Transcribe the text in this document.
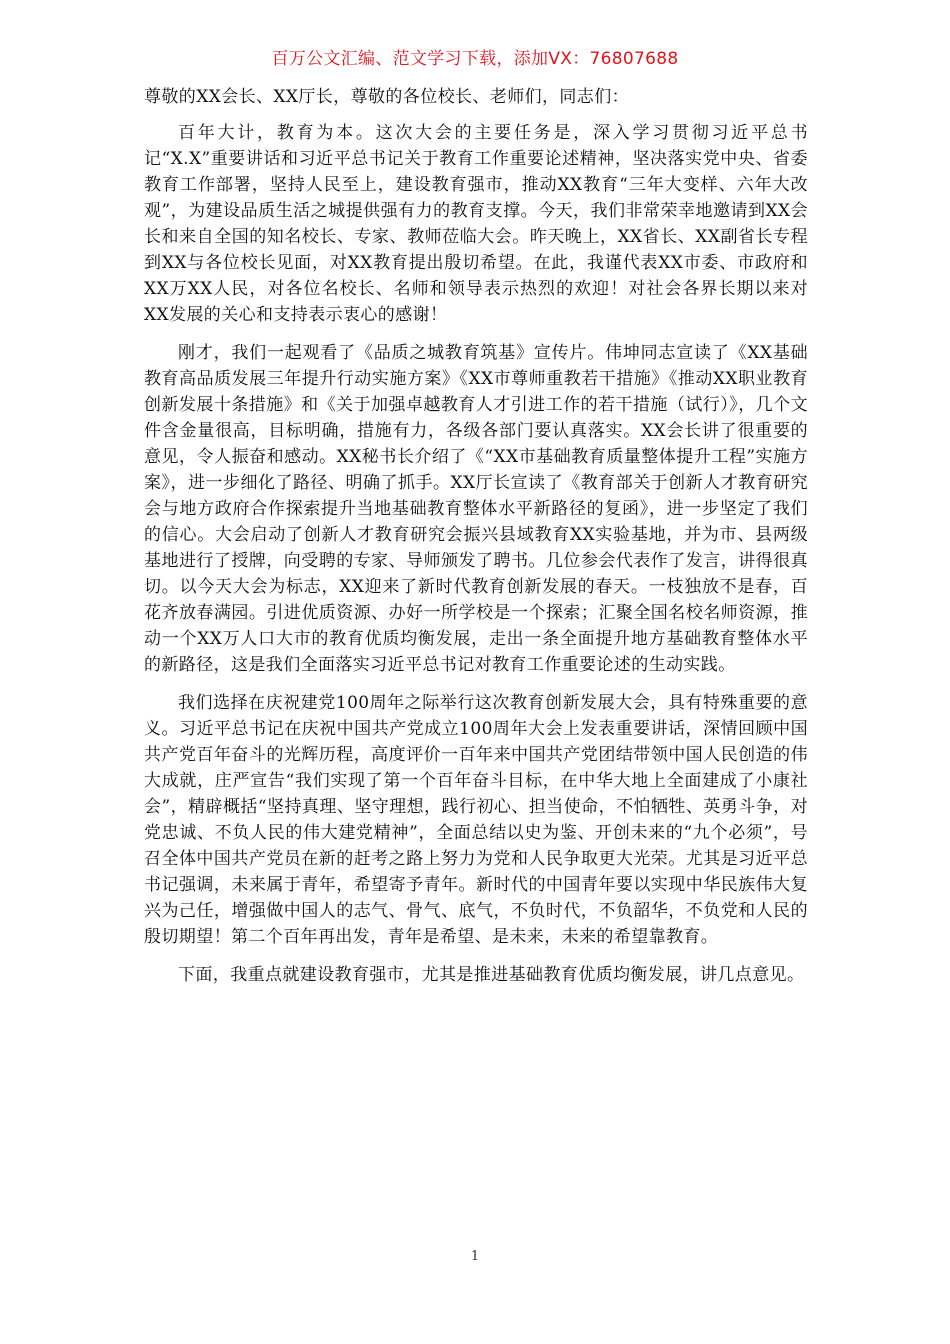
百万公文汇编、范文学习下载，添加VX：76807688

尊敬的XX会长、XX厅长，尊敬的各位校长、老师们，同志们：

百年大计，教育为本。这次大会的主要任务是，深入学习贯彻习近平总书记“X.X”重要讲话和习近平总书记关于教育工作重要论述精神，坚决落实党中央、省委教育工作部署，坚持人民至上，建设教育强市，推动XX教育“三年大变样、六年大改观”，为建设品质生活之城提供强有力的教育支撑。今天，我们非常荣幸地邀请到XX会长和来自全国的知名校长、专家、教师莅临大会。昨天晚上，XX省长、XX副省长专程到XX与各位校长见面，对XX教育提出殷切希望。在此，我谨代表XX市委、市政府和XX万XX人民，对各位名校长、名师和领导表示热烈的欢迎！对社会各界长期以来对XX发展的关心和支持表示衷心的感谢！

刚才，我们一起观看了《品质之城教育筑基》宣传片。伟坤同志宣读了《XX基础教育高品质发展三年提升行动实施方案》《XX市尊师重教若干措施》《推动XX职业教育创新发展十条措施》和《关于加强卓越教育人才引进工作的若干措施（试行）》，几个文件含金量很高，目标明确，措施有力，各级各部门要认真落实。XX会长讲了很重要的意见，令人振奋和感动。XX秘书长介绍了《“XX市基础教育质量整体提升工程”实施方案》，进一步细化了路径、明确了抓手。XX厅长宣读了《教育部关于创新人才教育研究会与地方政府合作探索提升当地基础教育整体水平新路径的复函》，进一步坚定了我们的信心。大会启动了创新人才教育研究会振兴县域教育XX实验基地，并为市、县两级基地进行了授牌，向受聘的专家、导师颁发了聘书。几位参会代表作了发言，讲得很真切。以今天大会为标志，XX迎来了新时代教育创新发展的春天。一枝独放不是春，百花齐放春满园。引进优质资源、办好一所学校是一个探索；汇聚全国名校名师资源，推动一个XX万人口大市的教育优质均衡发展，走出一条全面提升地方基础教育整体水平的新路径，这是我们全面落实习近平总书记对教育工作重要论述的生动实践。

我们选择在庆祝建党100周年之际举行这次教育创新发展大会，具有特殊重要的意义。习近平总书记在庆祝中国共产党成立100周年大会上发表重要讲话，深情回顾中国共产党百年奋斗的光辉历程，高度评价一百年来中国共产党团结带领中国人民创造的伟大成就，庄严宣告“我们实现了第一个百年奋斗目标，在中华大地上全面建成了小康社会”，精辟概括“坚持真理、坚守理想，践行初心、担当使命，不怕牺牲、英勇斗争，对党忠诚、不负人民的伟大建党精神”，全面总结以史为鉴、开创未来的“九个必须”，号召全体中国共产党员在新的赶考之路上努力为党和人民争取更大光荣。尤其是习近平总书记强调，未来属于青年，希望寄予青年。新时代的中国青年要以实现中华民族伟大复兴为己任，增强做中国人的志气、骨气、底气，不负时代，不负韶华，不负党和人民的殷切期望！第二个百年再出发，青年是希望、是未来，未来的希望靠教育。

下面，我重点就建设教育强市，尤其是推进基础教育优质均衡发展，讲几点意见。

1
